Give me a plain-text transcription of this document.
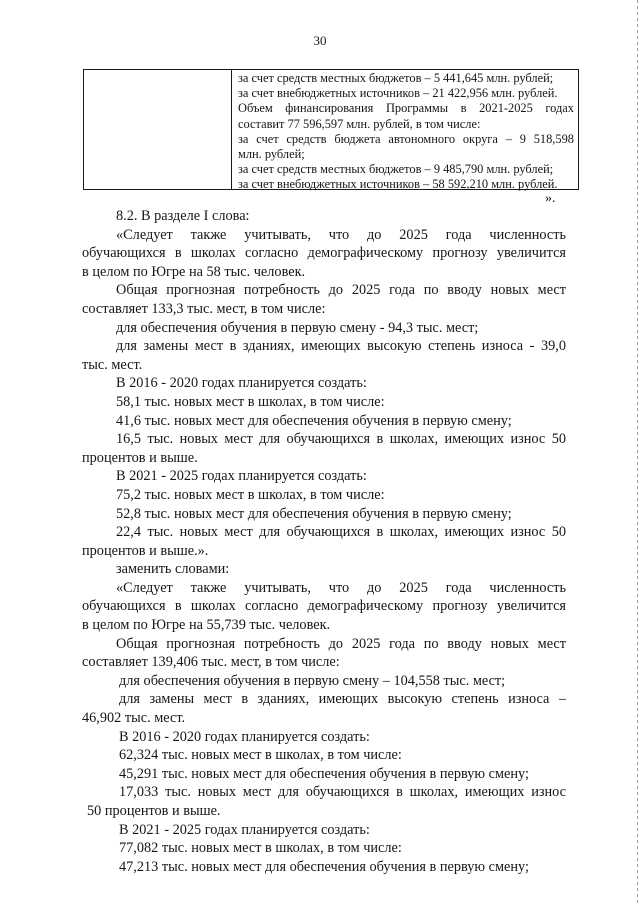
30
за счет средств местных бюджетов – 5 441,645 млн. рублей;
за счет внебюджетных источников – 21 422,956 млн. рублей.
Объем финансирования Программы в 2021-2025 годах
составит 77 596,597 млн. рублей, в том числе:
за счет средств бюджета автономного округа – 9 518,598
млн. рублей;
за счет средств местных бюджетов – 9 485,790 млн. рублей;
за счет внебюджетных источников – 58 592,210 млн. рублей.
».
8.2. В разделе I слова:
«Следует также учитывать, что до 2025 года численность
обучающихся в школах согласно демографическому прогнозу увеличится
в целом по Югре на 58 тыс. человек.
Общая прогнозная потребность до 2025 года по вводу новых мест
составляет 133,3 тыс. мест, в том числе:
для обеспечения обучения в первую смену - 94,3 тыс. мест;
для замены мест в зданиях, имеющих высокую степень износа - 39,0
тыс. мест.
В 2016 - 2020 годах планируется создать:
58,1 тыс. новых мест в школах, в том числе:
41,6 тыс. новых мест для обеспечения обучения в первую смену;
16,5 тыс. новых мест для обучающихся в школах, имеющих износ 50
процентов и выше.
В 2021 - 2025 годах планируется создать:
75,2 тыс. новых мест в школах, в том числе:
52,8 тыс. новых мест для обеспечения обучения в первую смену;
22,4 тыс. новых мест для обучающихся в школах, имеющих износ 50
процентов и выше.».
заменить словами:
«Следует также учитывать, что до 2025 года численность
обучающихся в школах согласно демографическому прогнозу увеличится
в целом по Югре на 55,739 тыс. человек.
Общая прогнозная потребность до 2025 года по вводу новых мест
составляет 139,406 тыс. мест, в том числе:
для обеспечения обучения в первую смену – 104,558 тыс. мест;
для замены мест в зданиях, имеющих высокую степень износа –
46,902 тыс. мест.
В 2016 - 2020 годах планируется создать:
62,324 тыс. новых мест в школах, в том числе:
45,291 тыс. новых мест для обеспечения обучения в первую смену;
17,033 тыс. новых мест для обучающихся в школах, имеющих износ
50 процентов и выше.
В 2021 - 2025 годах планируется создать:
77,082 тыс. новых мест в школах, в том числе:
47,213 тыс. новых мест для обеспечения обучения в первую смену;
